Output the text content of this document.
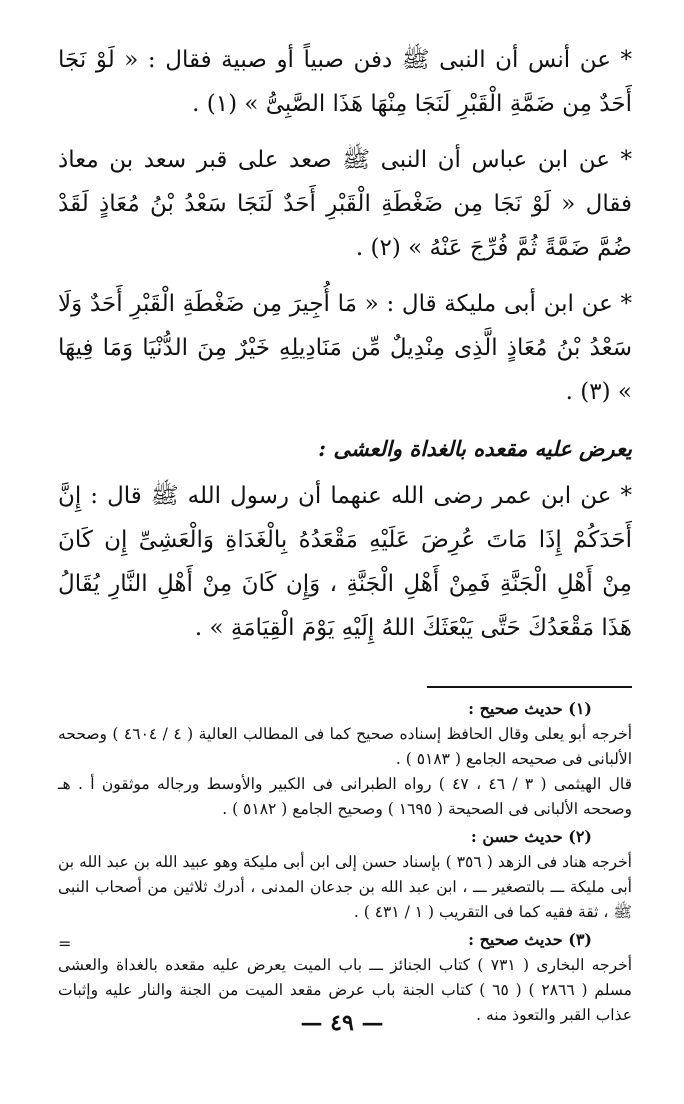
* عن أنس أن النبى ﷺ دفن صبياً أو صبية فقال : « لَوْ نَجَا أَحَدٌ مِن ضَمَّةِ الْقَبْرِ لَنَجَا مِنْهَا هَذَا الصَّبِىُّ » (١) .

* عن ابن عباس أن النبى ﷺ صعد على قبر سعد بن معاذ فقال « لَوْ نَجَا مِن ضَغْطَةِ الْقَبْرِ أَحَدٌ لَنَجَا سَعْدُ بْنُ مُعَاذٍ لَقَدْ ضُمَّ ضَمَّةً ثُمَّ فُرِّجَ عَنْهُ » (٢) .

* عن ابن أبى مليكة قال : « مَا أُجِيرَ مِن ضَغْطَةِ الْقَبْرِ أَحَدٌ وَلَا سَعْدُ بْنُ مُعَاذٍ الَّذِى مِنْدِيلٌ مِّن مَنَادِيلِهِ خَيْرٌ مِنَ الدُّنْيَا وَمَا فِيهَا » (٣) .

يعرض عليه مقعده بالغداة والعشى :

* عن ابن عمر رضى الله عنهما أن رسول الله ﷺ قال : إِنَّ أَحَدَكُمْ إِذَا مَاتَ عُرِضَ عَلَيْهِ مَقْعَدُهُ بِالْغَدَاةِ وَالْعَشِىِّ إِن كَانَ مِنْ أَهْلِ الْجَنَّةِ فَمِنْ أَهْلِ الْجَنَّةِ ، وَإِن كَانَ مِنْ أَهْلِ النَّارِ يُقَالُ هَذَا مَقْعَدُكَ حَتَّى يَبْعَثَكَ اللهُ إِلَيْهِ يَوْمَ الْقِيَامَةِ » .

(١) حديث صحيح :

أخرجه أبو يعلى وقال الحافظ إسناده صحيح كما فى المطالب العالية ( ٤ / ٤٦٠٤ ) وصححه الألبانى فى صحيحه الجامع ( ٥١٨٣ ) .

قال الهيثمى ( ٣ / ٤٦ ، ٤٧ ) رواه الطبرانى فى الكبير والأوسط ورجاله موثقون أ . هـ وصححه الألبانى فى الصحيحة ( ١٦٩٥ ) وصحيح الجامع ( ٥١٨٢ ) .

(٢) حديث حسن :

أخرجه هناد فى الزهد ( ٣٥٦ ) بإسناد حسن إلى ابن أبى مليكة وهو عبيد الله بن عبد الله بن أبى مليكة ـــ بالتصغير ـــ ، ابن عبد الله بن جدعان المدنى ، أدرك ثلاثين من أصحاب النبى ﷺ ، ثقة فقيه كما فى التقريب ( ١ / ٤٣١ ) .

(٣) حديث صحيح :

أخرجه البخارى ( ٧٣١ ) كتاب الجنائز ـــ باب الميت يعرض عليه مقعده بالغداة والعشى مسلم ( ٢٨٦٦ ) ( ٦٥ ) كتاب الجنة باب عرض مقعد الميت من الجنة والنار عليه وإثبات عذاب القبر والتعوذ منه .

=
— ٤٩ —
